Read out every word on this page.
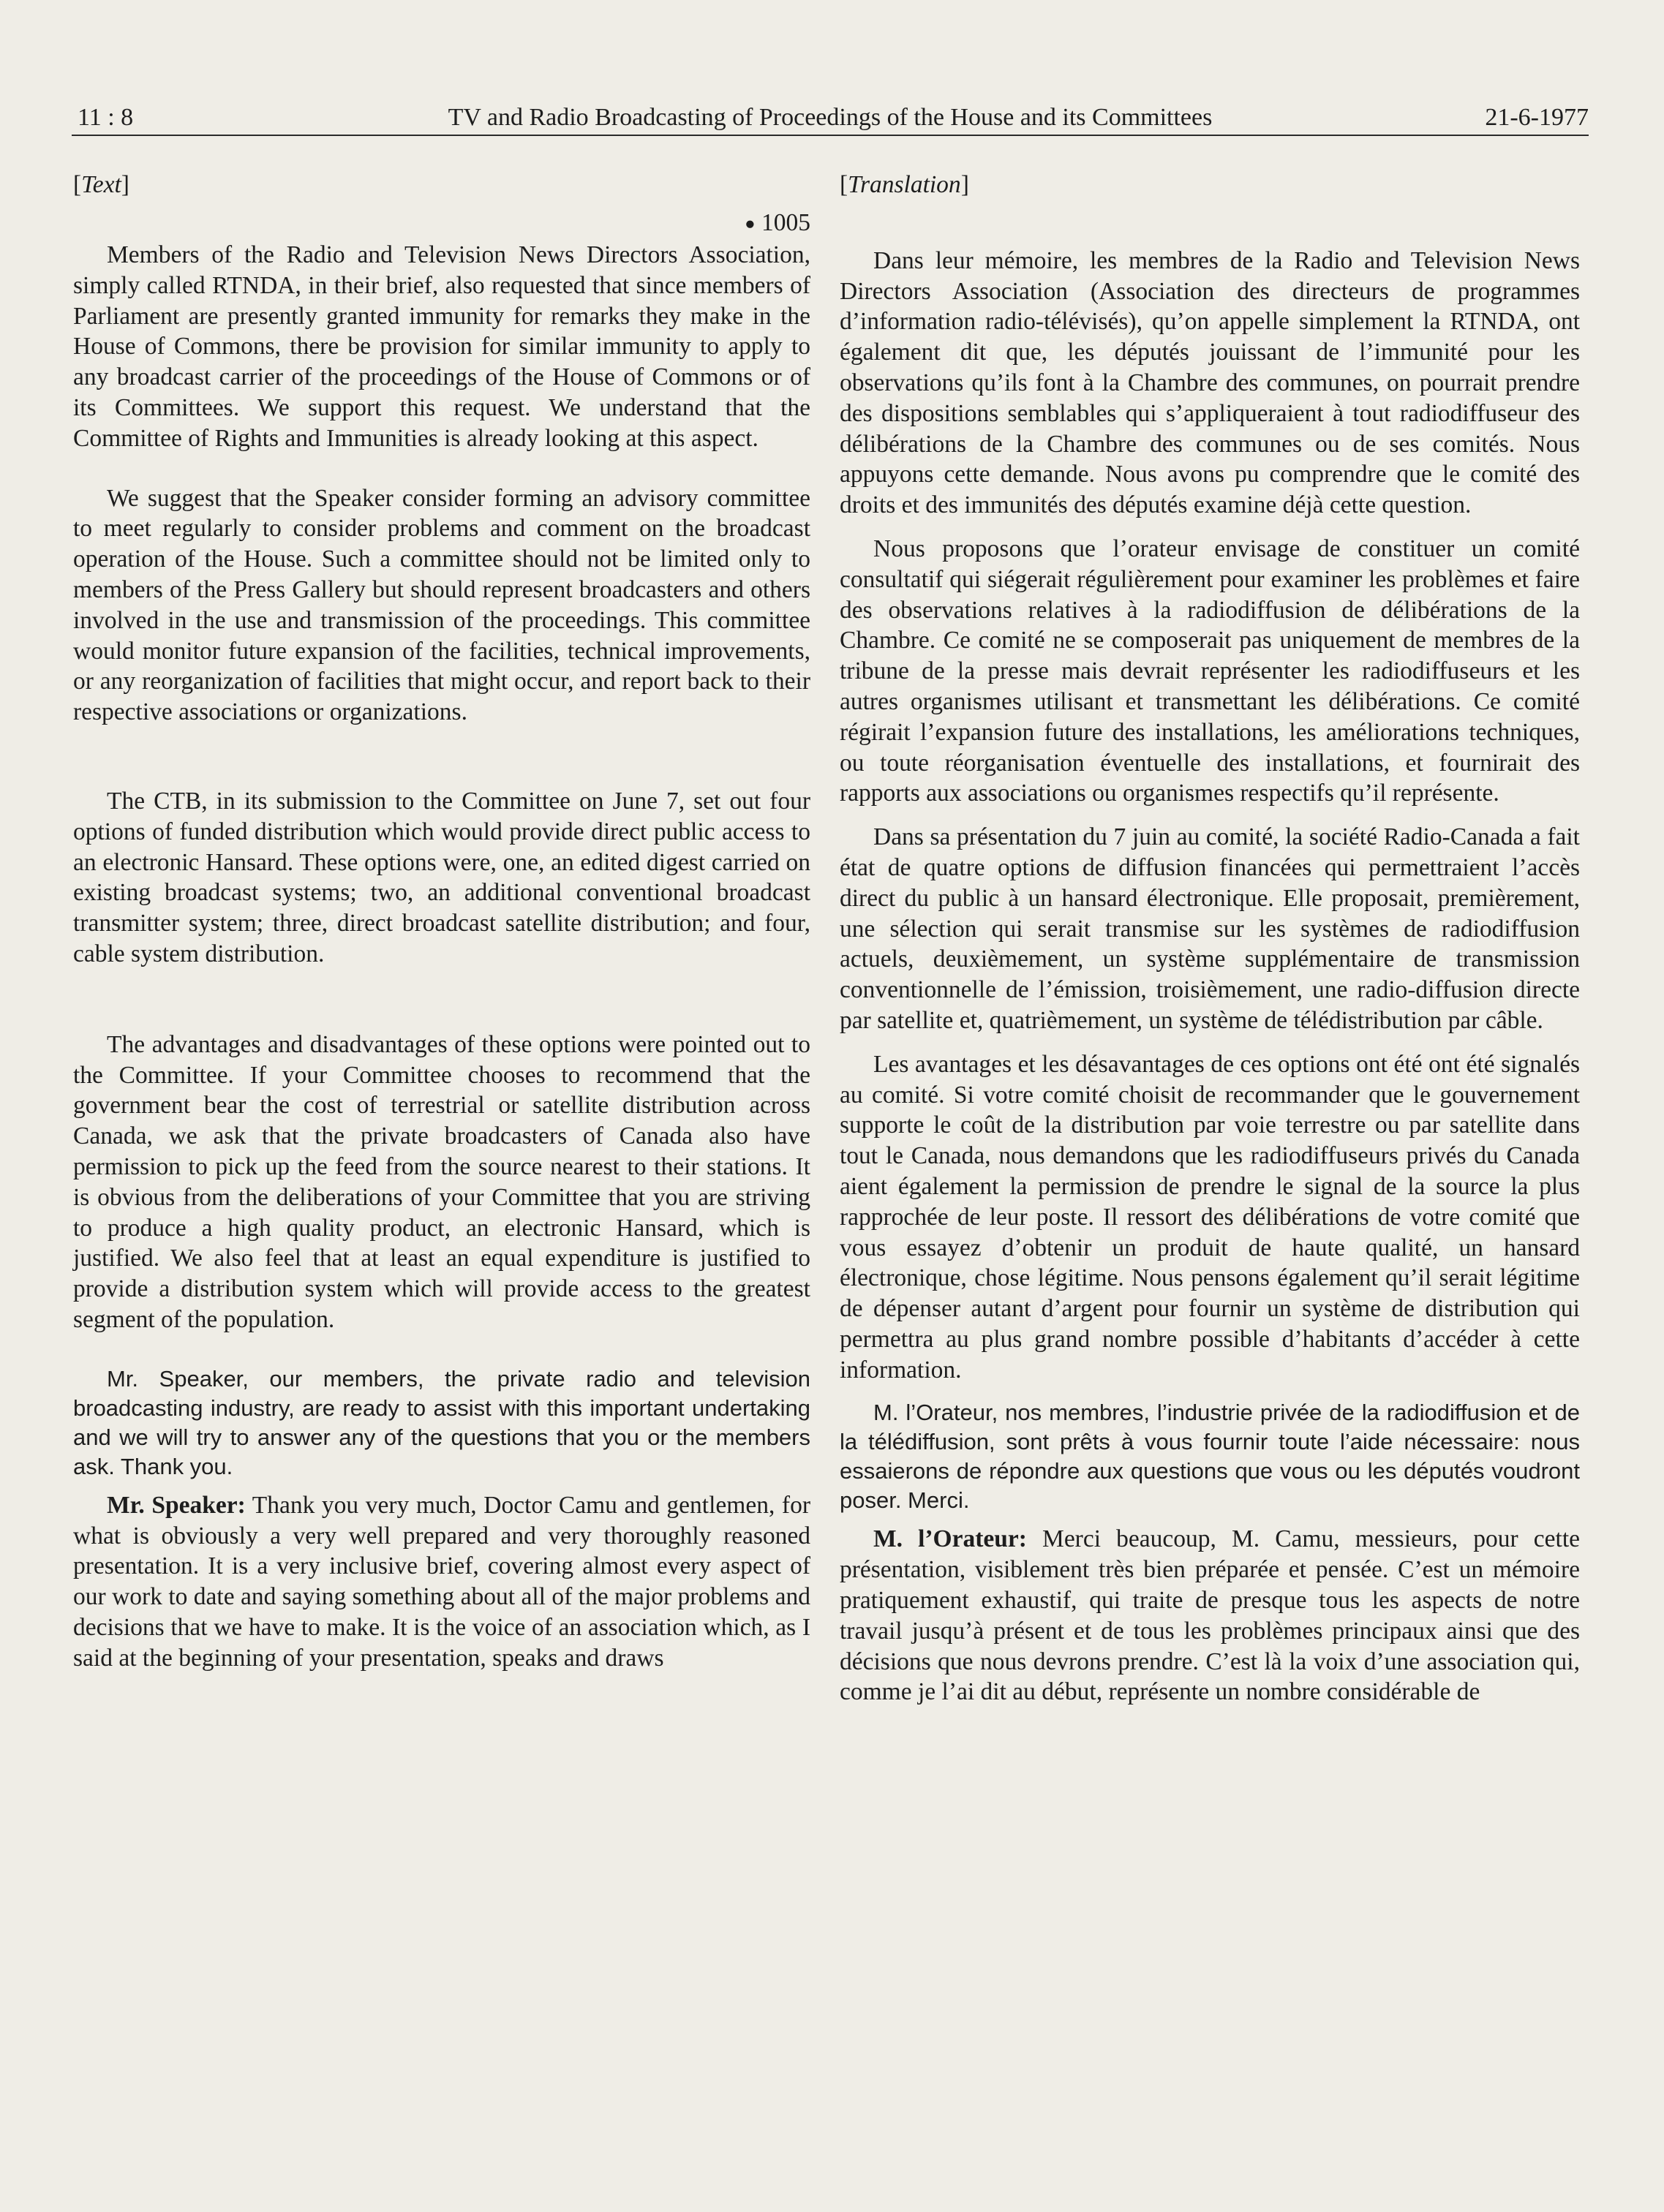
11 : 8	TV and Radio Broadcasting of Proceedings of the House and its Committees	21-6-1977

[Text]

● 1005

Members of the Radio and Television News Directors Association, simply called RTNDA, in their brief, also requested that since members of Parliament are presently granted immunity for remarks they make in the House of Commons, there be provision for similar immunity to apply to any broadcast carrier of the proceedings of the House of Commons or of its Committees. We support this request. We understand that the Committee of Rights and Immunities is already looking at this aspect.

We suggest that the Speaker consider forming an advisory committee to meet regularly to consider problems and comment on the broadcast operation of the House. Such a committee should not be limited only to members of the Press Gallery but should represent broadcasters and others involved in the use and transmission of the proceedings. This committee would monitor future expansion of the facilities, technical improvements, or any reorganization of facilities that might occur, and report back to their respective associations or organizations.

The CTB, in its submission to the Committee on June 7, set out four options of funded distribution which would provide direct public access to an electronic Hansard. These options were, one, an edited digest carried on existing broadcast systems; two, an additional conventional broadcast transmitter system; three, direct broadcast satellite distribution; and four, cable system distribution.

The advantages and disadvantages of these options were pointed out to the Committee. If your Committee chooses to recommend that the government bear the cost of terrestrial or satellite distribution across Canada, we ask that the private broadcasters of Canada also have permission to pick up the feed from the source nearest to their stations. It is obvious from the deliberations of your Committee that you are striving to produce a high quality product, an electronic Hansard, which is justified. We also feel that at least an equal expenditure is justified to provide a distribution system which will provide access to the greatest segment of the population.

Mr. Speaker, our members, the private radio and television broadcasting industry, are ready to assist with this important undertaking and we will try to answer any of the questions that you or the members ask. Thank you.

Mr. Speaker: Thank you very much, Doctor Camu and gentlemen, for what is obviously a very well prepared and very thoroughly reasoned presentation. It is a very inclusive brief, covering almost every aspect of our work to date and saying something about all of the major problems and decisions that we have to make. It is the voice of an association which, as I said at the beginning of your presentation, speaks and draws

[Translation]

Dans leur mémoire, les membres de la Radio and Television News Directors Association (Association des directeurs de programmes d’information radio-télévisés), qu’on appelle simplement la RTNDA, ont également dit que, les députés jouissant de l’immunité pour les observations qu’ils font à la Chambre des communes, on pourrait prendre des dispositions semblables qui s’appliqueraient à tout radiodiffuseur des délibérations de la Chambre des communes ou de ses comités. Nous appuyons cette demande. Nous avons pu comprendre que le comité des droits et des immunités des députés examine déjà cette question.

Nous proposons que l’orateur envisage de constituer un comité consultatif qui siégerait régulièrement pour examiner les problèmes et faire des observations relatives à la radiodiffusion de délibérations de la Chambre. Ce comité ne se composerait pas uniquement de membres de la tribune de la presse mais devrait représenter les radiodiffuseurs et les autres organismes utilisant et transmettant les délibérations. Ce comité régirait l’expansion future des installations, les améliorations techniques, ou toute réorganisation éventuelle des installations, et fournirait des rapports aux associations ou organismes respectifs qu’il représente.

Dans sa présentation du 7 juin au comité, la société Radio-Canada a fait état de quatre options de diffusion financées qui permettraient l’accès direct du public à un hansard électronique. Elle proposait, premièrement, une sélection qui serait transmise sur les systèmes de radiodiffusion actuels, deuxièmement, un système supplémentaire de transmission conventionnelle de l’émission, troisièmement, une radio-diffusion directe par satellite et, quatrièmement, un système de télédistribution par câble.

Les avantages et les désavantages de ces options ont été ont été signalés au comité. Si votre comité choisit de recommander que le gouvernement supporte le coût de la distribution par voie terrestre ou par satellite dans tout le Canada, nous demandons que les radiodiffuseurs privés du Canada aient également la permission de prendre le signal de la source la plus rapprochée de leur poste. Il ressort des délibérations de votre comité que vous essayez d’obtenir un produit de haute qualité, un hansard électronique, chose légitime. Nous pensons également qu’il serait légitime de dépenser autant d’argent pour fournir un système de distribution qui permettra au plus grand nombre possible d’habitants d’accéder à cette information.

M. l’Orateur, nos membres, l’industrie privée de la radiodiffusion et de la télédiffusion, sont prêts à vous fournir toute l’aide nécessaire: nous essaierons de répondre aux questions que vous ou les députés voudront poser. Merci.

M. l’Orateur: Merci beaucoup, M. Camu, messieurs, pour cette présentation, visiblement très bien préparée et pensée. C’est un mémoire pratiquement exhaustif, qui traite de presque tous les aspects de notre travail jusqu’à présent et de tous les problèmes principaux ainsi que des décisions que nous devrons prendre. C’est là la voix d’une association qui, comme je l’ai dit au début, représente un nombre considérable de
